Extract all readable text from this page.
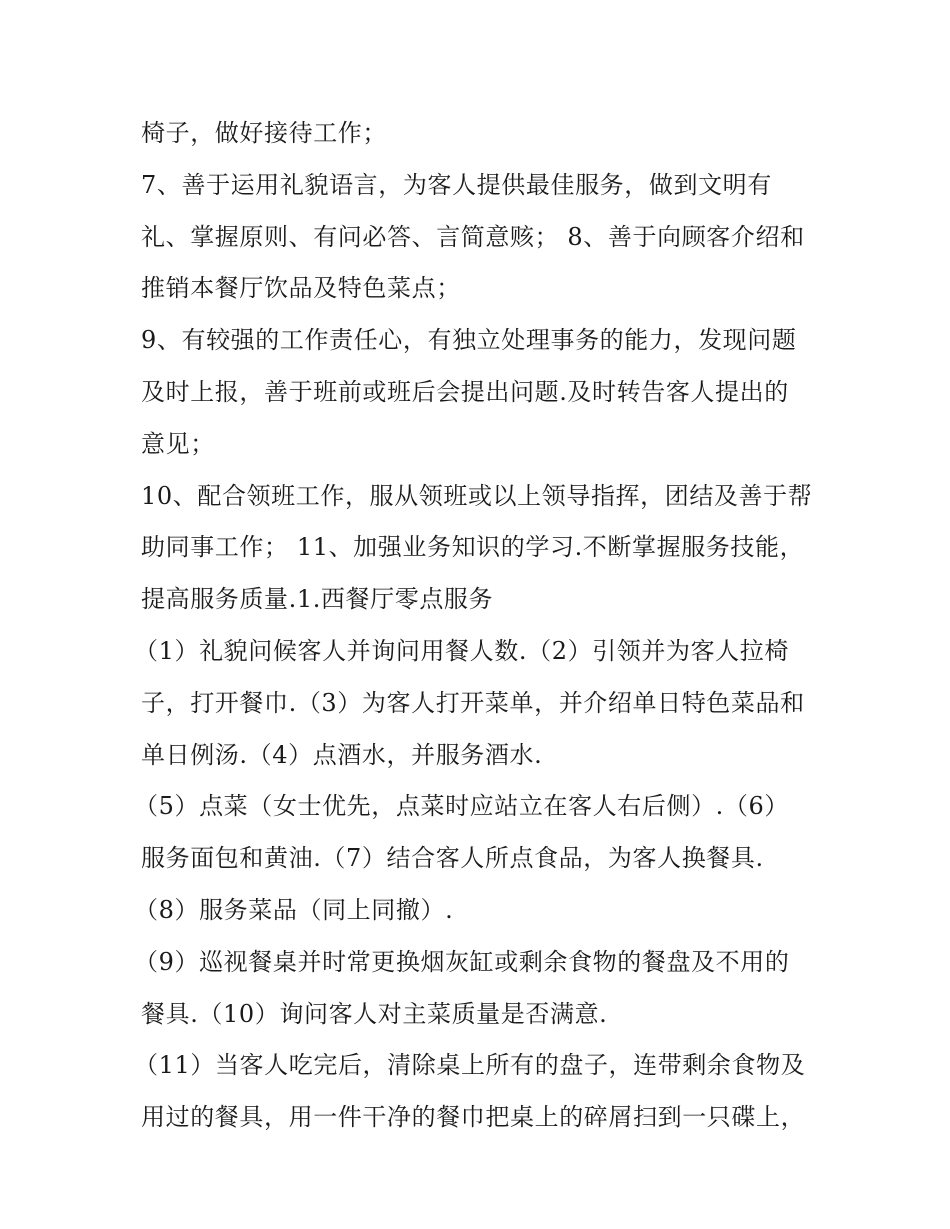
椅子，做好接待工作；
7、善于运用礼貌语言，为客人提供最佳服务，做到文明有
礼、掌握原则、有问必答、言简意赅； 8、善于向顾客介绍和
推销本餐厅饮品及特色菜点；
9、有较强的工作责任心，有独立处理事务的能力，发现问题
及时上报，善于班前或班后会提出问题.及时转告客人提出的
意见；
10、配合领班工作，服从领班或以上领导指挥，团结及善于帮
助同事工作； 11、加强业务知识的学习.不断掌握服务技能，
提高服务质量.1.西餐厅零点服务
（1）礼貌问候客人并询问用餐人数.（2）引领并为客人拉椅
子，打开餐巾.（3）为客人打开菜单，并介绍单日特色菜品和
单日例汤.（4）点酒水，并服务酒水.
（5）点菜（女士优先，点菜时应站立在客人右后侧）.（6）
服务面包和黄油.（7）结合客人所点食品，为客人换餐具.
（8）服务菜品（同上同撤）.
（9）巡视餐桌并时常更换烟灰缸或剩余食物的餐盘及不用的
餐具.（10）询问客人对主菜质量是否满意.
（11）当客人吃完后，清除桌上所有的盘子，连带剩余食物及
用过的餐具，用一件干净的餐巾把桌上的碎屑扫到一只碟上，
